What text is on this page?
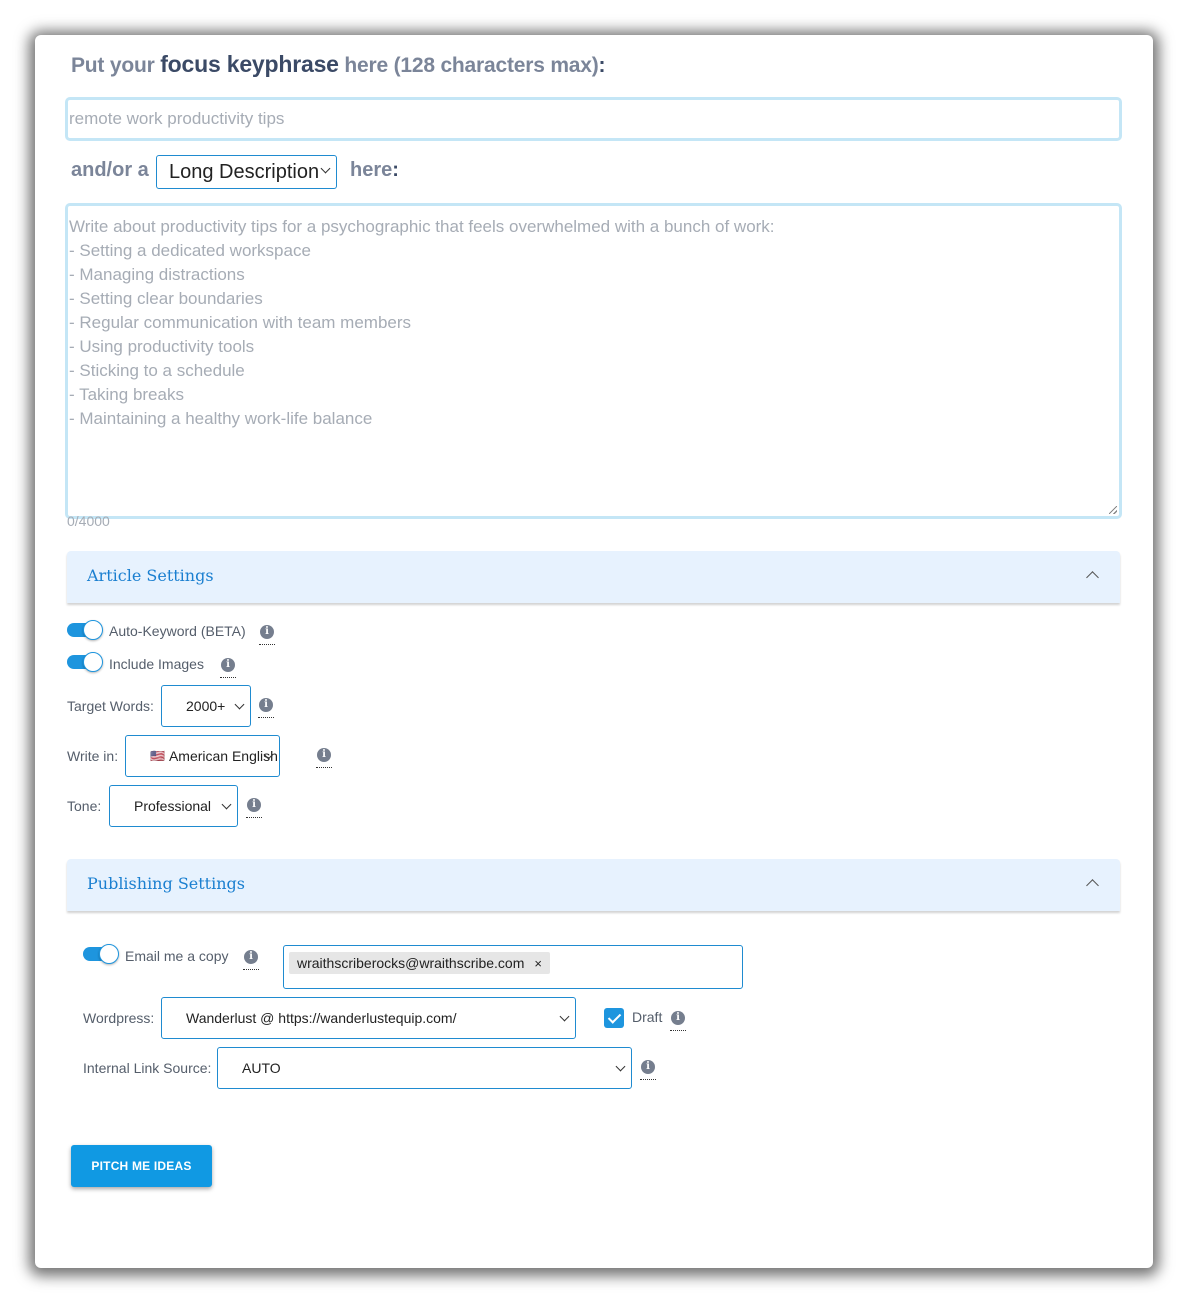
Put your focus keyphrase here (128 characters max):
remote work productivity tips
and/or a Long Description here:
Write about productivity tips for a psychographic that feels overwhelmed with a bunch of work:
- Setting a dedicated workspace
- Managing distractions
- Setting clear boundaries
- Regular communication with team members
- Using productivity tools
- Sticking to a schedule
- Taking breaks
- Maintaining a healthy work-life balance
0/4000
Article Settings
Auto-Keyword (BETA)	i
Include Images	i
Target Words: 2000+	i
Write in:	🇺🇸 American English	i
Tone: Professional	i
Publishing Settings
Email me a copy	i	wraithscriberocks@wraithscribe.com ×
Wordpress: Wanderlust @ https://wanderlustequip.com/	Draft	i
Internal Link Source: AUTO	i
PITCH ME IDEAS
